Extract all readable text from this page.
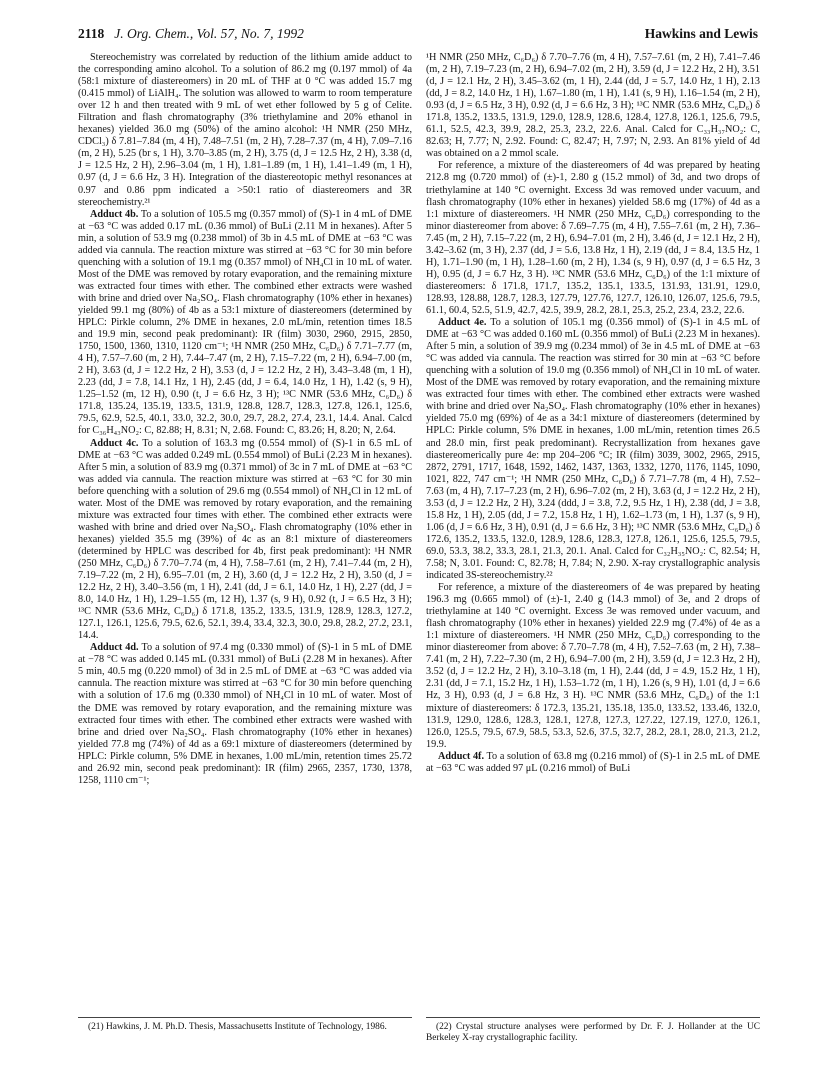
2118 J. Org. Chem., Vol. 57, No. 7, 1992	Hawkins and Lewis

Stereochemistry was correlated by reduction of the lithium amide adduct to the corresponding amino alcohol. To a solution of 86.2 mg (0.197 mmol) of 4a (58:1 mixture of diastereomers) in 20 mL of THF at 0 °C was added 15.7 mg (0.415 mmol) of LiAlH₄. The solution was allowed to warm to room temperature over 12 h and then treated with 9 mL of wet ether followed by 5 g of Celite. Filtration and flash chromatography (3% triethylamine and 20% ethanol in hexanes) yielded 36.0 mg (50%) of the amino alcohol: ¹H NMR (250 MHz, CDCl₃) δ 7.81–7.84 (m, 4 H), 7.48–7.51 (m, 2 H), 7.28–7.37 (m, 4 H), 7.09–7.16 (m, 2 H), 5.25 (br s, 1 H), 3.70–3.85 (m, 2 H), 3.75 (d, J = 12.5 Hz, 2 H), 3.38 (d, J = 12.5 Hz, 2 H), 2.96–3.04 (m, 1 H), 1.81–1.89 (m, 1 H), 1.41–1.49 (m, 1 H), 0.97 (d, J = 6.6 Hz, 3 H). Integration of the diastereotopic methyl resonances at 0.97 and 0.86 ppm indicated a >50:1 ratio of diastereomers and 3R stereochemistry.²¹

Adduct 4b. To a solution of 105.5 mg (0.357 mmol) of (S)-1 in 4 mL of DME at −63 °C was added 0.17 mL (0.36 mmol) of BuLi (2.11 M in hexanes). After 5 min, a solution of 53.9 mg (0.238 mmol) of 3b in 4.5 mL of DME at −63 °C was added via cannula. The reaction mixture was stirred at −63 °C for 30 min before quenching with a solution of 19.1 mg (0.357 mmol) of NH₄Cl in 10 mL of water. Most of the DME was removed by rotary evaporation, and the remaining mixture was extracted four times with ether. The combined ether extracts were washed with brine and dried over Na₂SO₄. Flash chromatography (10% ether in hexanes) yielded 99.1 mg (80%) of 4b as a 53:1 mixture of diastereomers (determined by HPLC: Pirkle column, 2% DME in hexanes, 2.0 mL/min, retention times 18.5 and 19.9 min, second peak predominant): IR (film) 3030, 2960, 2915, 2850, 1750, 1500, 1360, 1310, 1120 cm⁻¹; ¹H NMR (250 MHz, C₆D₆) δ 7.71–7.77 (m, 4 H), 7.57–7.60 (m, 2 H), 7.44–7.47 (m, 2 H), 7.15–7.22 (m, 2 H), 6.94–7.00 (m, 2 H), 3.63 (d, J = 12.2 Hz, 2 H), 3.53 (d, J = 12.2 Hz, 2 H), 3.43–3.48 (m, 1 H), 2.23 (dd, J = 7.8, 14.1 Hz, 1 H), 2.45 (dd, J = 6.4, 14.0 Hz, 1 H), 1.42 (s, 9 H), 1.25–1.52 (m, 12 H), 0.90 (t, J = 6.6 Hz, 3 H); ¹³C NMR (53.6 MHz, C₆D₆) δ 171.8, 135.24, 135.19, 133.5, 131.9, 128.8, 128.7, 128.3, 127.8, 126.1, 125.6, 79.5, 62.9, 52.5, 40.1, 33.0, 32.2, 30.0, 29.7, 28.2, 27.4, 23.1, 14.4. Anal. Calcd for C₃₆H₄₃NO₂: C, 82.88; H, 8.31; N, 2.68. Found: C, 83.26; H, 8.20; N, 2.64.

Adduct 4c. To a solution of 163.3 mg (0.554 mmol) of (S)-1 in 6.5 mL of DME at −63 °C was added 0.249 mL (0.554 mmol) of BuLi (2.23 M in hexanes). After 5 min, a solution of 83.9 mg (0.371 mmol) of 3c in 7 mL of DME at −63 °C was added via cannula. The reaction mixture was stirred at −63 °C for 30 min before quenching with a solution of 29.6 mg (0.554 mmol) of NH₄Cl in 12 mL of water. Most of the DME was removed by rotary evaporation, and the remaining mixture was extracted four times with ether. The combined ether extracts were washed with brine and dried over Na₂SO₄. Flash chromatography (10% ether in hexanes) yielded 35.5 mg (39%) of 4c as an 8:1 mixture of diastereomers (determined by HPLC was described for 4b, first peak predominant): ¹H NMR (250 MHz, C₆D₆) δ 7.70–7.74 (m, 4 H), 7.58–7.61 (m, 2 H), 7.41–7.44 (m, 2 H), 7.19–7.22 (m, 2 H), 6.95–7.01 (m, 2 H), 3.60 (d, J = 12.2 Hz, 2 H), 3.50 (d, J = 12.2 Hz, 2 H), 3.40–3.56 (m, 1 H), 2.41 (dd, J = 6.1, 14.0 Hz, 1 H), 2.27 (dd, J = 8.0, 14.0 Hz, 1 H), 1.29–1.55 (m, 12 H), 1.37 (s, 9 H), 0.92 (t, J = 6.5 Hz, 3 H); ¹³C NMR (53.6 MHz, C₆D₆) δ 171.8, 135.2, 133.5, 131.9, 128.9, 128.3, 127.2, 127.1, 126.1, 125.6, 79.5, 62.6, 52.1, 39.4, 33.4, 32.3, 30.0, 29.8, 28.2, 27.2, 23.1, 14.4.

Adduct 4d. To a solution of 97.4 mg (0.330 mmol) of (S)-1 in 5 mL of DME at −78 °C was added 0.145 mL (0.331 mmol) of BuLi (2.28 M in hexanes). After 5 min, 40.5 mg (0.220 mmol) of 3d in 2.5 mL of DME at −63 °C was added via cannula. The reaction mixture was stirred at −63 °C for 30 min before quenching with a solution of 17.6 mg (0.330 mmol) of NH₄Cl in 10 mL of water. Most of the DME was removed by rotary evaporation, and the remaining mixture was extracted four times with ether. The combined ether extracts were washed with brine and dried over Na₂SO₄. Flash chromatography (10% ether in hexanes) yielded 77.8 mg (74%) of 4d as a 69:1 mixture of diastereomers (determined by HPLC: Pirkle column, 5% DME in hexanes, 1.00 mL/min, retention times 25.72 and 26.92 min, second peak predominant): IR (film) 2965, 2357, 1730, 1378, 1258, 1110 cm⁻¹;

¹H NMR (250 MHz, C₆D₆) δ 7.70–7.76 (m, 4 H), 7.57–7.61 (m, 2 H), 7.41–7.46 (m, 2 H), 7.19–7.23 (m, 2 H), 6.94–7.02 (m, 2 H), 3.59 (d, J = 12.2 Hz, 2 H), 3.51 (d, J = 12.1 Hz, 2 H), 3.45–3.62 (m, 1 H), 2.44 (dd, J = 5.7, 14.0 Hz, 1 H), 2.13 (dd, J = 8.2, 14.0 Hz, 1 H), 1.67–1.80 (m, 1 H), 1.41 (s, 9 H), 1.16–1.54 (m, 2 H), 0.93 (d, J = 6.5 Hz, 3 H), 0.92 (d, J = 6.6 Hz, 3 H); ¹³C NMR (53.6 MHz, C₆D₆) δ 171.8, 135.2, 133.5, 131.9, 129.0, 128.9, 128.6, 128.4, 127.8, 126.1, 125.6, 79.5, 61.1, 52.5, 42.3, 39.9, 28.2, 25.3, 23.2, 22.6. Anal. Calcd for C₃₃H₃₇NO₂: C, 82.63; H, 7.77; N, 2.92. Found: C, 82.47; H, 7.97; N, 2.93. An 81% yield of 4d was obtained on a 2 mmol scale.

For reference, a mixture of the diastereomers of 4d was prepared by heating 212.8 mg (0.720 mmol) of (±)-1, 2.80 g (15.2 mmol) of 3d, and two drops of triethylamine at 140 °C overnight. Excess 3d was removed under vacuum, and flash chromatography (10% ether in hexanes) yielded 58.6 mg (17%) of 4d as a 1:1 mixture of diastereomers. ¹H NMR (250 MHz, C₆D₆) corresponding to the minor diastereomer from above: δ 7.69–7.75 (m, 4 H), 7.55–7.61 (m, 2 H), 7.36–7.45 (m, 2 H), 7.15–7.22 (m, 2 H), 6.94–7.01 (m, 2 H), 3.46 (d, J = 12.1 Hz, 2 H), 3.42–3.62 (m, 3 H), 2.37 (dd, J = 5.6, 13.8 Hz, 1 H), 2.19 (dd, J = 8.4, 13.5 Hz, 1 H), 1.71–1.90 (m, 1 H), 1.28–1.60 (m, 2 H), 1.34 (s, 9 H), 0.97 (d, J = 6.5 Hz, 3 H), 0.95 (d, J = 6.7 Hz, 3 H). ¹³C NMR (53.6 MHz, C₆D₆) of the 1:1 mixture of diastereomers: δ 171.8, 171.7, 135.2, 135.1, 133.5, 131.93, 131.91, 129.0, 128.93, 128.88, 128.7, 128.3, 127.79, 127.76, 127.7, 126.10, 126.07, 125.6, 79.5, 61.1, 60.4, 52.5, 51.9, 42.7, 42.5, 39.9, 28.2, 28.1, 25.3, 25.2, 23.4, 23.2, 22.6.

Adduct 4e. To a solution of 105.1 mg (0.356 mmol) of (S)-1 in 4.5 mL of DME at −63 °C was added 0.160 mL (0.356 mmol) of BuLi (2.23 M in hexanes). After 5 min, a solution of 39.9 mg (0.234 mmol) of 3e in 4.5 mL of DME at −63 °C was added via cannula. The reaction was stirred for 30 min at −63 °C before quenching with a solution of 19.0 mg (0.356 mmol) of NH₄Cl in 10 mL of water. Most of the DME was removed by rotary evaporation, and the remaining mixture was extracted four times with ether. The combined ether extracts were washed with brine and dried over Na₂SO₄. Flash chromatography (10% ether in hexanes) yielded 75.0 mg (69%) of 4e as a 34:1 mixture of diastereomers (determined by HPLC: Pirkle column, 5% DME in hexanes, 1.00 mL/min, retention times 26.5 and 28.0 min, first peak predominant). Recrystallization from hexanes gave diastereomerically pure 4e: mp 204–206 °C; IR (film) 3039, 3002, 2965, 2915, 2872, 2791, 1717, 1648, 1592, 1462, 1437, 1363, 1332, 1270, 1176, 1145, 1090, 1021, 822, 747 cm⁻¹; ¹H NMR (250 MHz, C₆D₆) δ 7.71–7.78 (m, 4 H), 7.52–7.63 (m, 4 H), 7.17–7.23 (m, 2 H), 6.96–7.02 (m, 2 H), 3.63 (d, J = 12.2 Hz, 2 H), 3.53 (d, J = 12.2 Hz, 2 H), 3.24 (ddd, J = 3.8, 7.2, 9.5 Hz, 1 H), 2.38 (dd, J = 3.8, 15.8 Hz, 1 H), 2.05 (dd, J = 7.2, 15.8 Hz, 1 H), 1.62–1.73 (m, 1 H), 1.37 (s, 9 H), 1.06 (d, J = 6.6 Hz, 3 H), 0.91 (d, J = 6.6 Hz, 3 H); ¹³C NMR (53.6 MHz, C₆D₆) δ 172.6, 135.2, 133.5, 132.0, 128.9, 128.6, 128.3, 127.8, 126.1, 125.6, 125.5, 79.5, 69.0, 53.3, 38.2, 33.3, 28.1, 21.3, 20.1. Anal. Calcd for C₃₂H₃₅NO₂: C, 82.54; H, 7.58; N, 3.01. Found: C, 82.78; H, 7.84; N, 2.90. X-ray crystallographic analysis indicated 3S-stereochemistry.²²

For reference, a mixture of the diastereomers of 4e was prepared by heating 196.3 mg (0.665 mmol) of (±)-1, 2.40 g (14.3 mmol) of 3e, and 2 drops of triethylamine at 140 °C overnight. Excess 3e was removed under vacuum, and flash chromatography (10% ether in hexanes) yielded 22.9 mg (7.4%) of 4e as a 1:1 mixture of diastereomers. ¹H NMR (250 MHz, C₆D₆) corresponding to the minor diastereomer from above: δ 7.70–7.78 (m, 4 H), 7.52–7.63 (m, 2 H), 7.38–7.41 (m, 2 H), 7.22–7.30 (m, 2 H), 6.94–7.00 (m, 2 H), 3.59 (d, J = 12.3 Hz, 2 H), 3.52 (d, J = 12.2 Hz, 2 H), 3.10–3.18 (m, 1 H), 2.44 (dd, J = 4.9, 15.2 Hz, 1 H), 2.31 (dd, J = 7.1, 15.2 Hz, 1 H), 1.53–1.72 (m, 1 H), 1.26 (s, 9 H), 1.01 (d, J = 6.6 Hz, 3 H), 0.93 (d, J = 6.8 Hz, 3 H). ¹³C NMR (53.6 MHz, C₆D₆) of the 1:1 mixture of diastereomers: δ 172.3, 135.21, 135.18, 135.0, 133.52, 133.46, 132.0, 131.9, 129.0, 128.6, 128.3, 128.1, 127.8, 127.3, 127.22, 127.19, 127.0, 126.1, 126.0, 125.5, 79.5, 67.9, 58.5, 53.3, 52.6, 37.5, 32.7, 28.2, 28.1, 28.0, 21.3, 21.2, 19.9.

Adduct 4f. To a solution of 63.8 mg (0.216 mmol) of (S)-1 in 2.5 mL of DME at −63 °C was added 97 μL (0.216 mmol) of BuLi

(21) Hawkins, J. M. Ph.D. Thesis, Massachusetts Institute of Technology, 1986.	(22) Crystal structure analyses were performed by Dr. F. J. Hollander at the UC Berkeley X-ray crystallographic facility.
